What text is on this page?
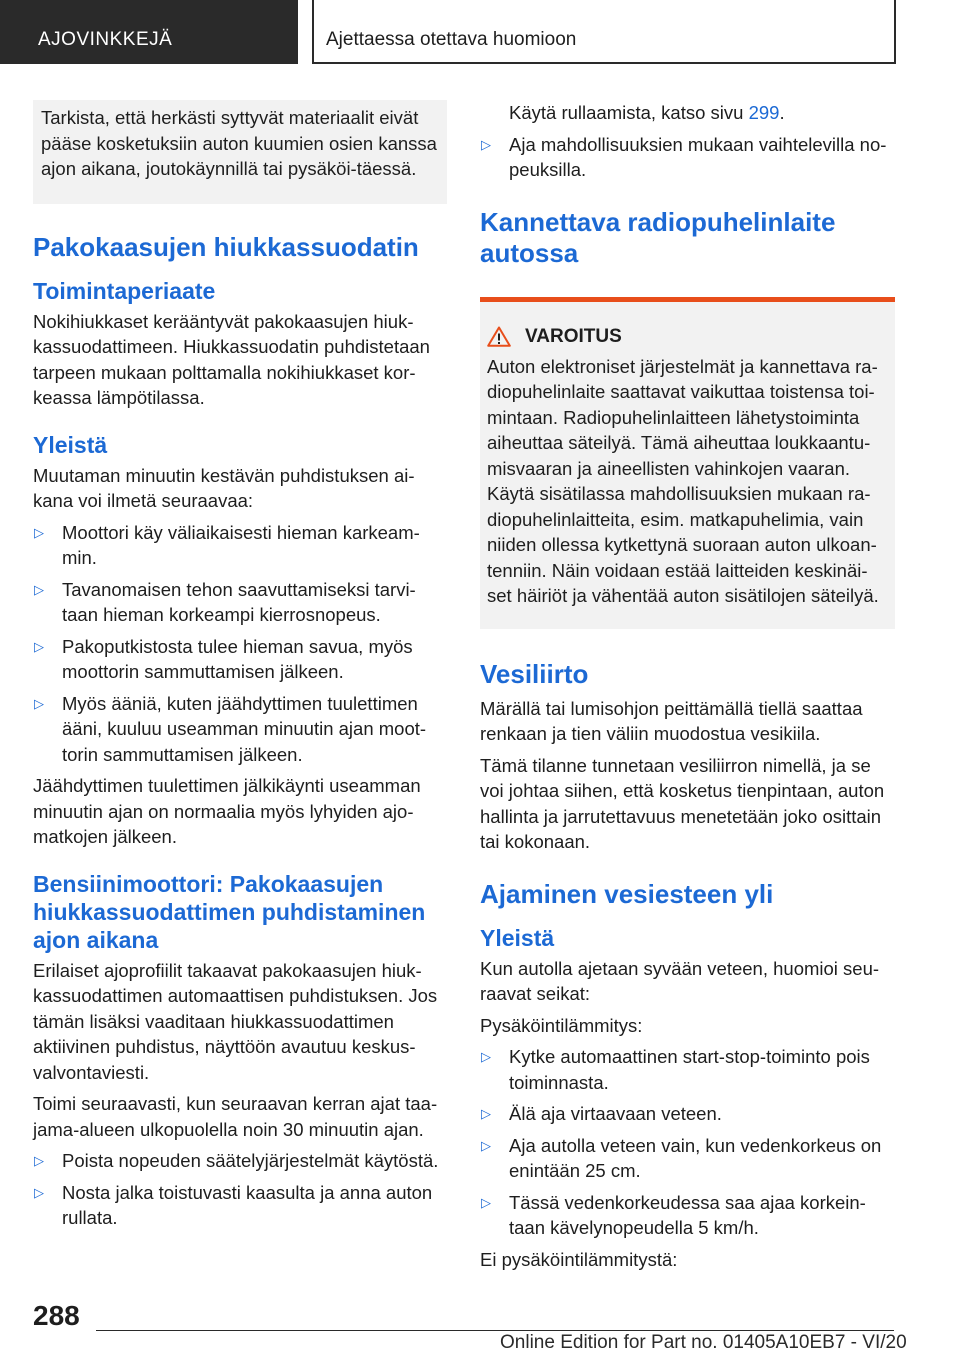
AJOVINKKEJÄ	Ajettaessa otettava huomioon
Tarkista, että herkästi syttyvät materiaalit eivät pääse kosketuksiin auton kuumien osien kanssa ajon aikana, joutokäynnillä tai pysäköi-täessä.
Pakokaasujen hiukkassuodatin
Toimintaperiaate

Nokihiukkaset kerääntyvät pakokaasujen hiuk-kassuodattimeen. Hiukkassuodatin puhdistetaan tarpeen mukaan polttamalla nokihiukkaset kor-keassa lämpötilassa.

Yleistä

Muutaman minuutin kestävän puhdistuksen ai-kana voi ilmetä seuraavaa:

▷ Moottori käy väliaikaisesti hieman karkeam-min.
▷ Tavanomaisen tehon saavuttamiseksi tarvi-taan hieman korkeampi kierrosnopeus.
▷ Pakoputkistosta tulee hieman savua, myös moottorin sammuttamisen jälkeen.
▷ Myös ääniä, kuten jäähdyttimen tuulettimen ääni, kuuluu useamman minuutin ajan moot-torin sammuttamisen jälkeen.

Jäähdyttimen tuulettimen jälkikäynti useamman minuutin ajan on normaalia myös lyhyiden ajo-matkojen jälkeen.

Bensiinimoottori: Pakokaasujen hiukkassuodattimen puhdistaminen ajon aikana

Erilaiset ajoprofiilit takaavat pakokaasujen hiuk-kassuodattimen automaattisen puhdistuksen. Jos tämän lisäksi vaaditaan hiukkassuodattimen aktiivinen puhdistus, näyttöön avautuu keskus-valvontaviesti.

Toimi seuraavasti, kun seuraavan kerran ajat taa-jama-alueen ulkopuolella noin 30 minuutin ajan.

▷ Poista nopeuden säätelyjärjestelmät käytöstä.
▷ Nosta jalka toistuvasti kaasulta ja anna auton rullata.

Käytä rullaamista, katso sivu 299.

▷ Aja mahdollisuuksien mukaan vaihtelevilla no-peuksilla.
Kannettava radiopuhelinlaite autossa
VAROITUS

Auton elektroniset järjestelmät ja kannettava ra-diopuhelinlaite saattavat vaikuttaa toistensa toi-mintaan. Radiopuhelinlaitteen lähetystoiminta aiheuttaa säteilyä. Tämä aiheuttaa loukkaantu-misvaaran ja aineellisten vahinkojen vaaran. Käytä sisätilassa mahdollisuuksien mukaan ra-diopuhelinlaitteita, esim. matkapuhelimia, vain niiden ollessa kytkettynä suoraan auton ulkoan-tenniin. Näin voidaan estää laitteiden keskinäi-set häiriöt ja vähentää auton sisätilojen säteilyä.

Vesiliirto

Märällä tai lumisohjon peittämällä tiellä saattaa renkaan ja tien väliin muodostua vesikiila.

Tämä tilanne tunnetaan vesiliirron nimellä, ja se voi johtaa siihen, että kosketus tienpintaan, auton hallinta ja jarrutettavuus menetetään joko osittain tai kokonaan.

Ajaminen vesiesteen yli
Yleistä

Kun autolla ajetaan syvään veteen, huomioi seu-raavat seikat:

Pysäköintilämmitys:

▷ Kytke automaattinen start-stop-toiminto pois toiminnasta.
▷ Älä aja virtaavaan veteen.
▷ Aja autolla veteen vain, kun vedenkorkeus on enintään 25 cm.
▷ Tässä vedenkorkeudessa saa ajaa korkein-taan kävelynopeudella 5 km/h.

Ei pysäköintilämmitystä:

288
Online Edition for Part no. 01405A10EB7 - VI/20
